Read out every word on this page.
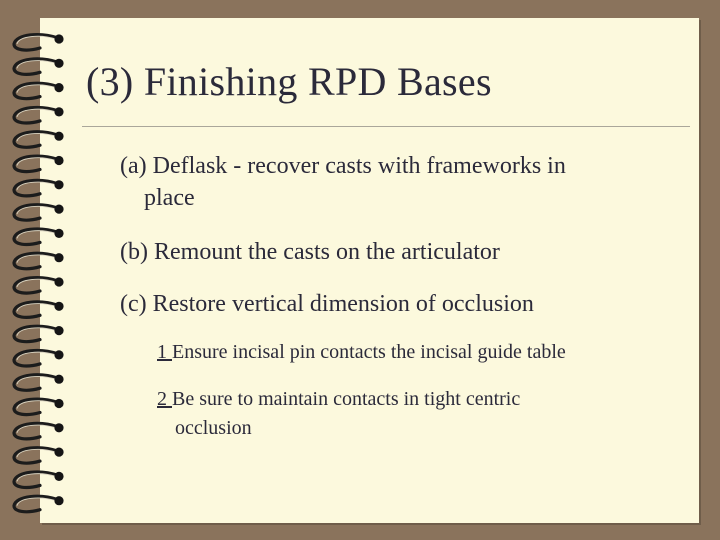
(3) Finishing RPD Bases
(a) Deflask - recover casts with frameworks in
place
(b) Remount the casts on the articulator
(c) Restore vertical dimension of occlusion
1 Ensure incisal pin contacts the incisal guide table
2 Be sure to maintain contacts in tight centric
occlusion
